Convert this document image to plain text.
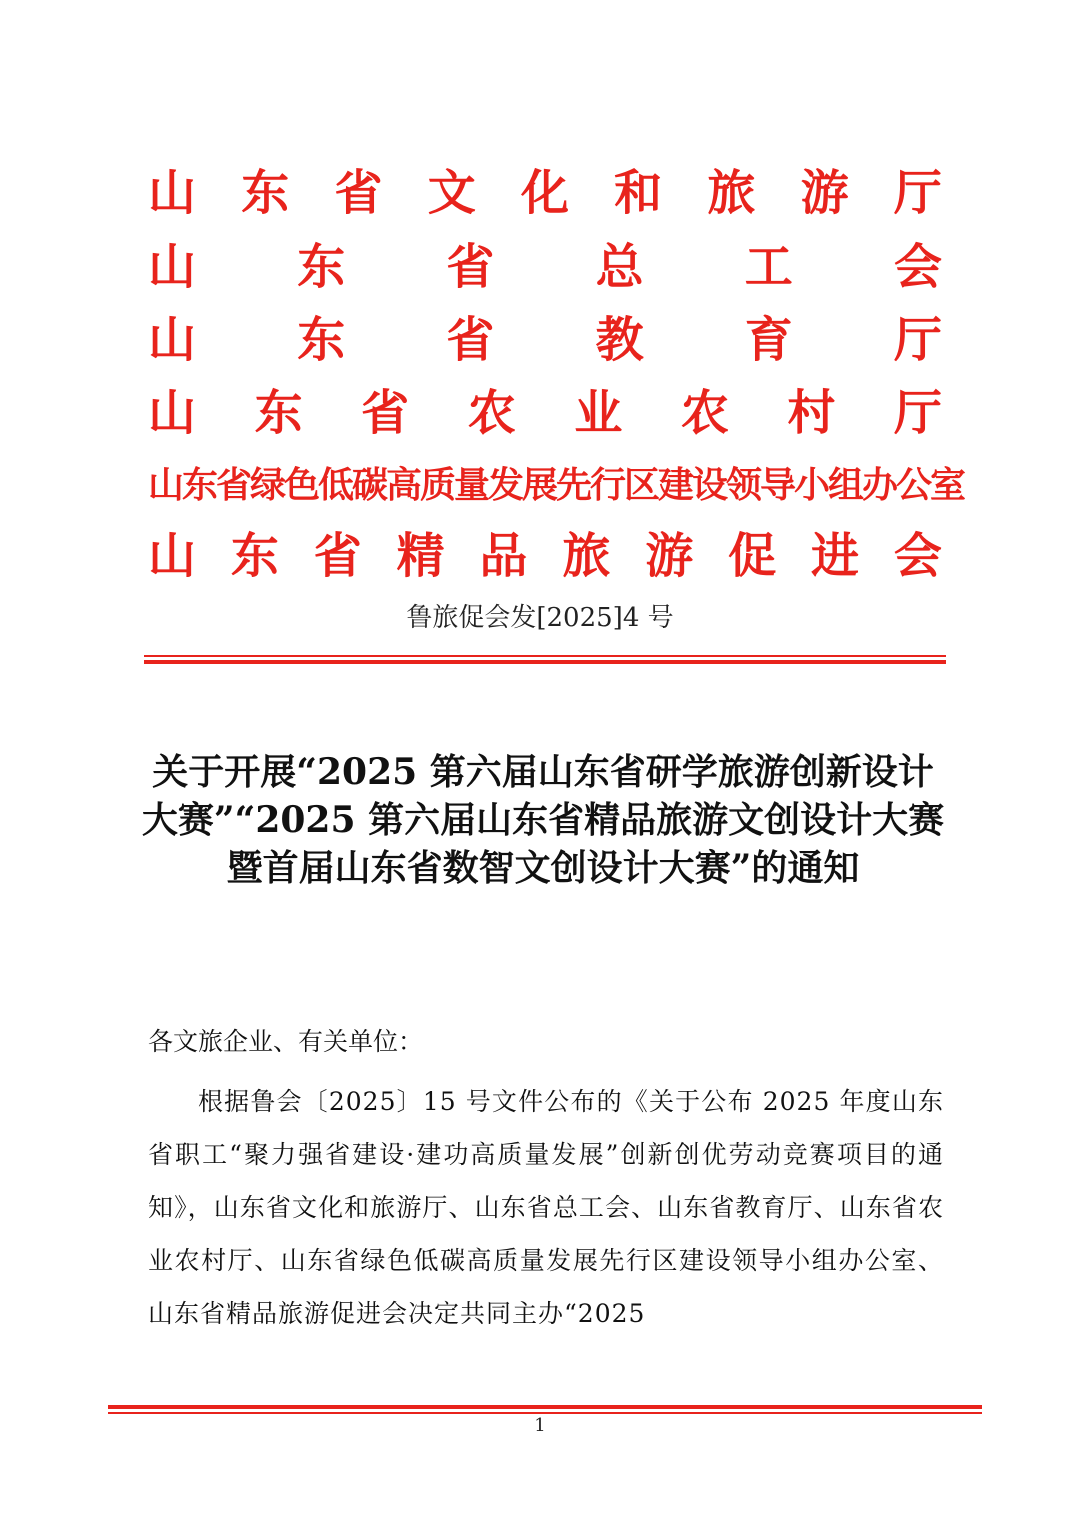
山 东 省 文 化 和 旅 游 厅
山 东 省 总 工 会
山 东 省 教 育 厅
山 东 省 农 业 农 村 厅
山东省绿色低碳高质量发展先行区建设领导小组办公室
山 东 省 精 品 旅 游 促 进 会
鲁旅促会发[2025]4 号
关于开展“2025 第六届山东省研学旅游创新设计大赛”“2025 第六届山东省精品旅游文创设计大赛暨首届山东省数智文创设计大赛”的通知
各文旅企业、有关单位：
根据鲁会〔2025〕15 号文件公布的《关于公布 2025 年度山东省职工“聚力强省建设·建功高质量发展”创新创优劳动竞赛项目的通知》，山东省文化和旅游厅、山东省总工会、山东省教育厅、山东省农业农村厅、山东省绿色低碳高质量发展先行区建设领导小组办公室、山东省精品旅游促进会决定共同主办“2025
1
